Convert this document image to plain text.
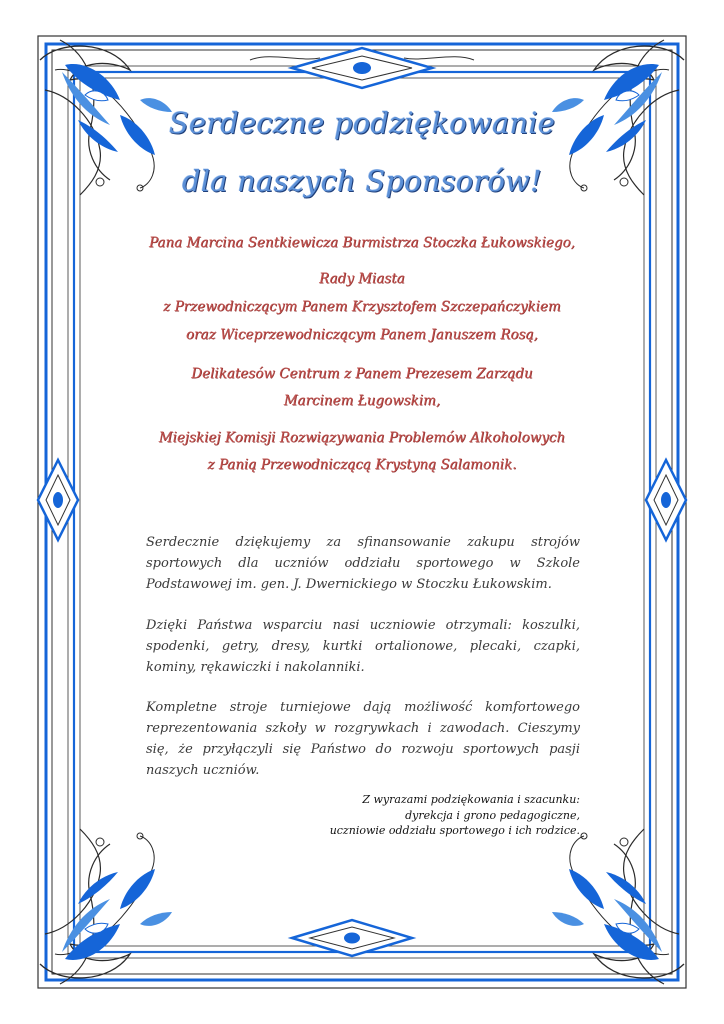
Serdeczne podziękowanie
dla naszych Sponsorów!
Pana Marcina Sentkiewicza Burmistrza Stoczka Łukowskiego,
Rady Miasta
z Przewodniczącym Panem Krzysztofem Szczepańczykiem
oraz Wiceprzewodniczącym Panem Januszem Rosą,
Delikatesów Centrum z Panem Prezesem Zarządu
Marcinem Ługowskim,
Miejskiej Komisji Rozwiązywania Problemów Alkoholowych
z Panią Przewodniczącą Krystyną Salamonik.
Serdecznie dziękujemy za sfinansowanie zakupu strojów sportowych dla uczniów oddziału sportowego w Szkole Podstawowej im. gen. J. Dwernickiego w Stoczku Łukowskim.
Dzięki Państwa wsparciu nasi uczniowie otrzymali: koszulki, spodenki, getry, dresy, kurtki ortalionowe, plecaki, czapki, kominy, rękawiczki i nakolanniki.
Kompletne stroje turniejowe dają możliwość komfortowego reprezentowania szkoły w rozgrywkach i zawodach. Cieszymy się, że przyłączyli się Państwo do rozwoju sportowych pasji naszych uczniów.
Z wyrazami podziękowania i szacunku:
dyrekcja i grono pedagogiczne,
uczniowie oddziału sportowego i ich rodzice.
